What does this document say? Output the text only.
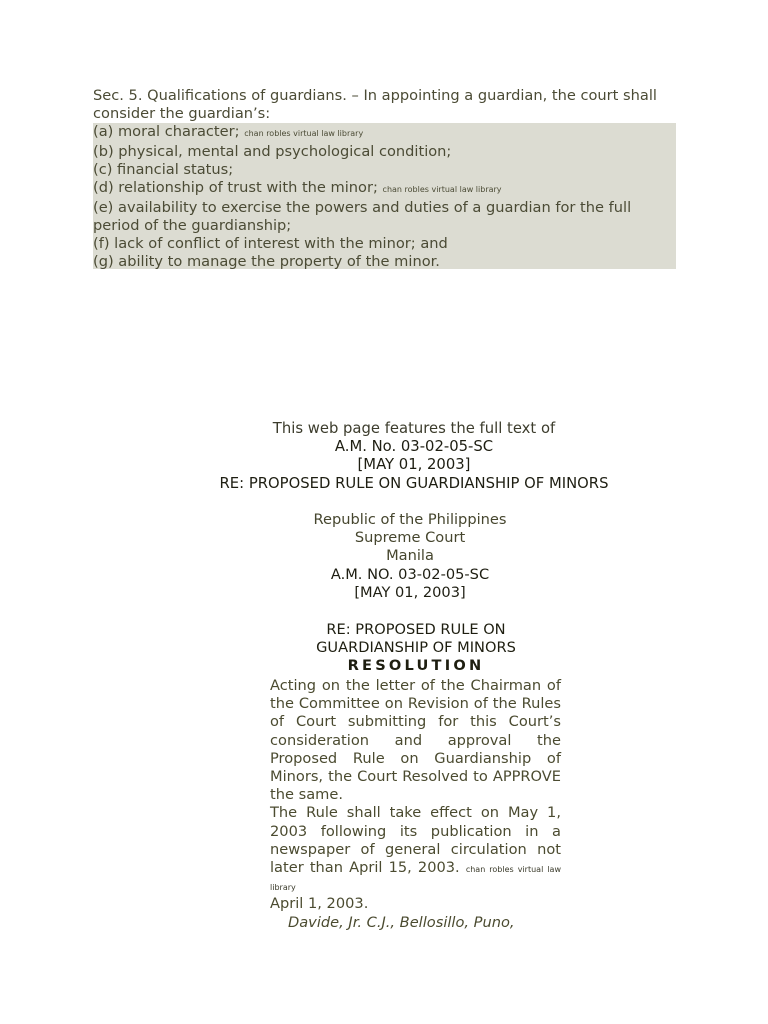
Sec. 5. Qualifications of guardians. – In appointing a guardian, the court shall consider the guardian’s:
(a) moral character; chan robles virtual law library
(b) physical, mental and psychological condition;
(c) financial status;
(d) relationship of trust with the minor; chan robles virtual law library
(e) availability to exercise the powers and duties of a guardian for the full period of the guardianship;
(f) lack of conflict of interest with the minor; and
(g) ability to manage the property of the minor.
This web page features the full text of
A.M. No. 03-02-05-SC
[MAY 01, 2003]
RE: PROPOSED RULE ON GUARDIANSHIP OF MINORS
Republic of the Philippines
Supreme Court
Manila
A.M. NO. 03-02-05-SC
[MAY 01, 2003]
RE: PROPOSED RULE ON
GUARDIANSHIP OF MINORS
RESOLUTION

Acting on the letter of the Chairman of the Committee on Revision of the Rules of Court submitting for this Court’s consideration and approval the Proposed Rule on Guardianship of Minors, the Court Resolved to APPROVE the same.

The Rule shall take effect on May 1, 2003 following its publication in a newspaper of general circulation not later than April 15, 2003. chan robles virtual law library

April 1, 2003.

Davide, Jr. C.J., Bellosillo, Puno,
